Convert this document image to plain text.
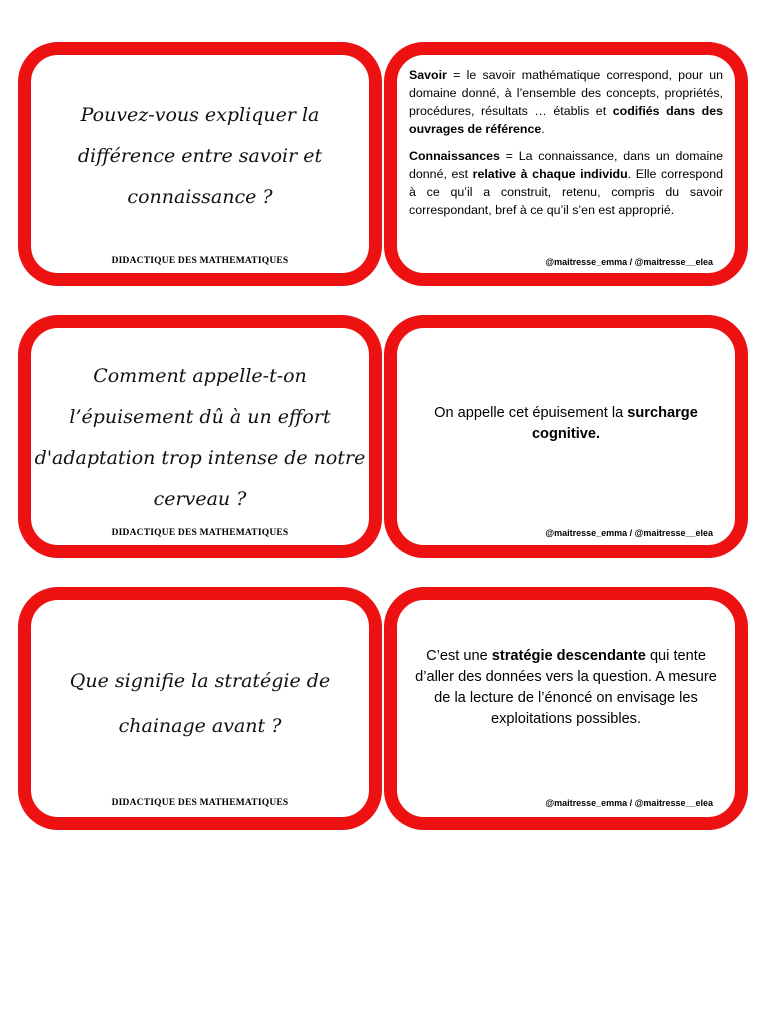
Pouvez-vous expliquer la
différence entre savoir et
connaissance ?
DIDACTIQUE DES MATHEMATIQUES

Savoir = le savoir mathématique correspond, pour un domaine donné, à l’ensemble des concepts, propriétés, procédures, résultats … établis et codifiés dans des ouvrages de référence.

Connaissances = La connaissance, dans un domaine donné, est relative à chaque individu. Elle correspond à ce qu’il a construit, retenu, compris du savoir correspondant, bref à ce qu’il s’en est approprié.

@maitresse_emma / @maitresse__elea
Comment appelle-t-on
l’épuisement dû à un effort
d'adaptation trop intense de notre
cerveau ?
DIDACTIQUE DES MATHEMATIQUES
On appelle cet épuisement la surcharge cognitive.
@maitresse_emma / @maitresse__elea
Que signifie la stratégie de
chainage avant ?
DIDACTIQUE DES MATHEMATIQUES
C’est une stratégie descendante qui tente d’aller des données vers la question. A mesure de la lecture de l’énoncé on envisage les exploitations possibles.
@maitresse_emma / @maitresse__elea
